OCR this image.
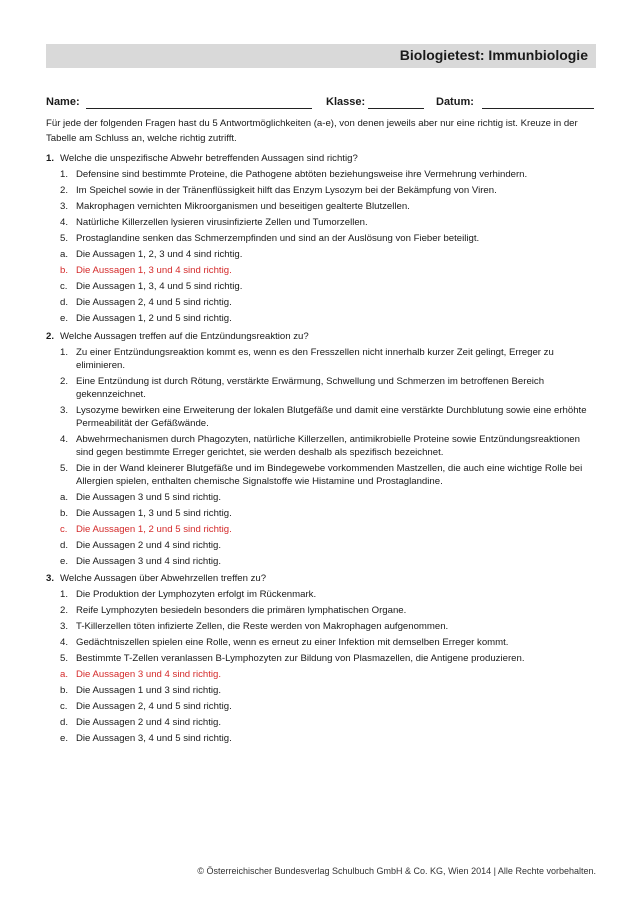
Biologietest: Immunbiologie
Name:	Klasse:	Datum:

Für jede der folgenden Fragen hast du 5 Antwortmöglichkeiten (a-e), von denen jeweils aber nur eine richtig ist. Kreuze in der Tabelle am Schluss an, welche richtig zutrifft.

1. Welche die unspezifische Abwehr betreffenden Aussagen sind richtig?
1. Defensine sind bestimmte Proteine, die Pathogene abtöten beziehungsweise ihre Vermehrung verhindern.
2. Im Speichel sowie in der Tränenflüssigkeit hilft das Enzym Lysozym bei der Bekämpfung von Viren.
3. Makrophagen vernichten Mikroorganismen und beseitigen gealterte Blutzellen.
4. Natürliche Killerzellen lysieren virusinfizierte Zellen und Tumorzellen.
5. Prostaglandine senken das Schmerzempfinden und sind an der Auslösung von Fieber beteiligt.
a. Die Aussagen 1, 2, 3 und 4 sind richtig.
b. Die Aussagen 1, 3 und 4 sind richtig.
c. Die Aussagen 1, 3, 4 und 5 sind richtig.
d. Die Aussagen 2, 4 und 5 sind richtig.
e. Die Aussagen 1, 2 und 5 sind richtig.
2. Welche Aussagen treffen auf die Entzündungsreaktion zu?
1. Zu einer Entzündungsreaktion kommt es, wenn es den Fresszellen nicht innerhalb kurzer Zeit gelingt, Erreger zu eliminieren.
2. Eine Entzündung ist durch Rötung, verstärkte Erwärmung, Schwellung und Schmerzen im betroffenen Bereich gekennzeichnet.
3. Lysozyme bewirken eine Erweiterung der lokalen Blutgefäße und damit eine verstärkte Durchblutung sowie eine erhöhte Permeabilität der Gefäßwände.
4. Abwehrmechanismen durch Phagozyten, natürliche Killerzellen, antimikrobielle Proteine sowie Entzündungsreaktionen sind gegen bestimmte Erreger gerichtet, sie werden deshalb als spezifisch bezeichnet.
5. Die in der Wand kleinerer Blutgefäße und im Bindegewebe vorkommenden Mastzellen, die auch eine wichtige Rolle bei Allergien spielen, enthalten chemische Signalstoffe wie Histamine und Prostaglandine.
a. Die Aussagen 3 und 5 sind richtig.
b. Die Aussagen 1, 3 und 5 sind richtig.
c. Die Aussagen 1, 2 und 5 sind richtig.
d. Die Aussagen 2 und 4 sind richtig.
e. Die Aussagen 3 und 4 sind richtig.
3. Welche Aussagen über Abwehrzellen treffen zu?
1. Die Produktion der Lymphozyten erfolgt im Rückenmark.
2. Reife Lymphozyten besiedeln besonders die primären lymphatischen Organe.
3. T-Killerzellen töten infizierte Zellen, die Reste werden von Makrophagen aufgenommen.
4. Gedächtniszellen spielen eine Rolle, wenn es erneut zu einer Infektion mit demselben Erreger kommt.
5. Bestimmte T-Zellen veranlassen B-Lymphozyten zur Bildung von Plasmazellen, die Antigene produzieren.
a. Die Aussagen 3 und 4 sind richtig.
b. Die Aussagen 1 und 3 sind richtig.
c. Die Aussagen 2, 4 und 5 sind richtig.
d. Die Aussagen 2 und 4 sind richtig.
e. Die Aussagen 3, 4 und 5 sind richtig.
© Österreichischer Bundesverlag Schulbuch GmbH & Co. KG, Wien 2014 | Alle Rechte vorbehalten.
